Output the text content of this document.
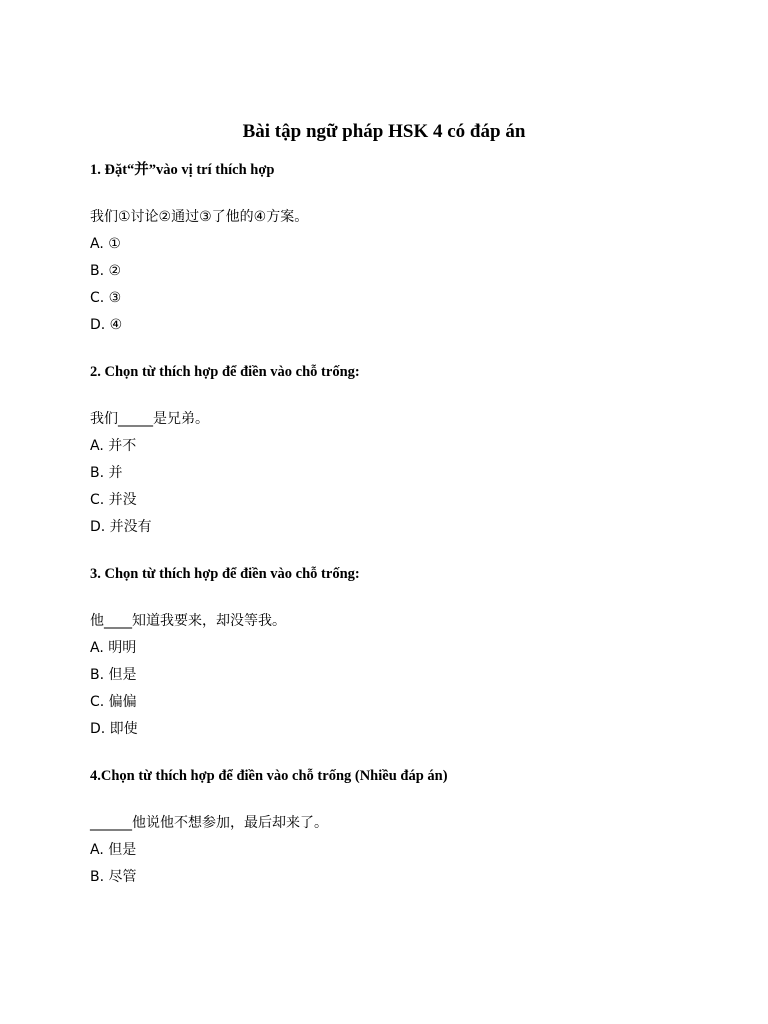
Bài tập ngữ pháp HSK 4 có đáp án

1. Đặt“并”vào vị trí thích hợp

我们①讨论②通过③了他的④方案。
A. ①
B. ②
C. ③
D. ④

2. Chọn từ thích hợp để điền vào chỗ trống:

我们_____是兄弟。
A. 并不
B. 并
C. 并没
D. 并没有

3. Chọn từ thích hợp để điền vào chỗ trống:

他____知道我要来，却没等我。
A. 明明
B. 但是
C. 偏偏
D. 即使

4.Chọn từ thích hợp để điền vào chỗ trống (Nhiều đáp án)

______他说他不想参加，最后却来了。
A. 但是
B. 尽管
